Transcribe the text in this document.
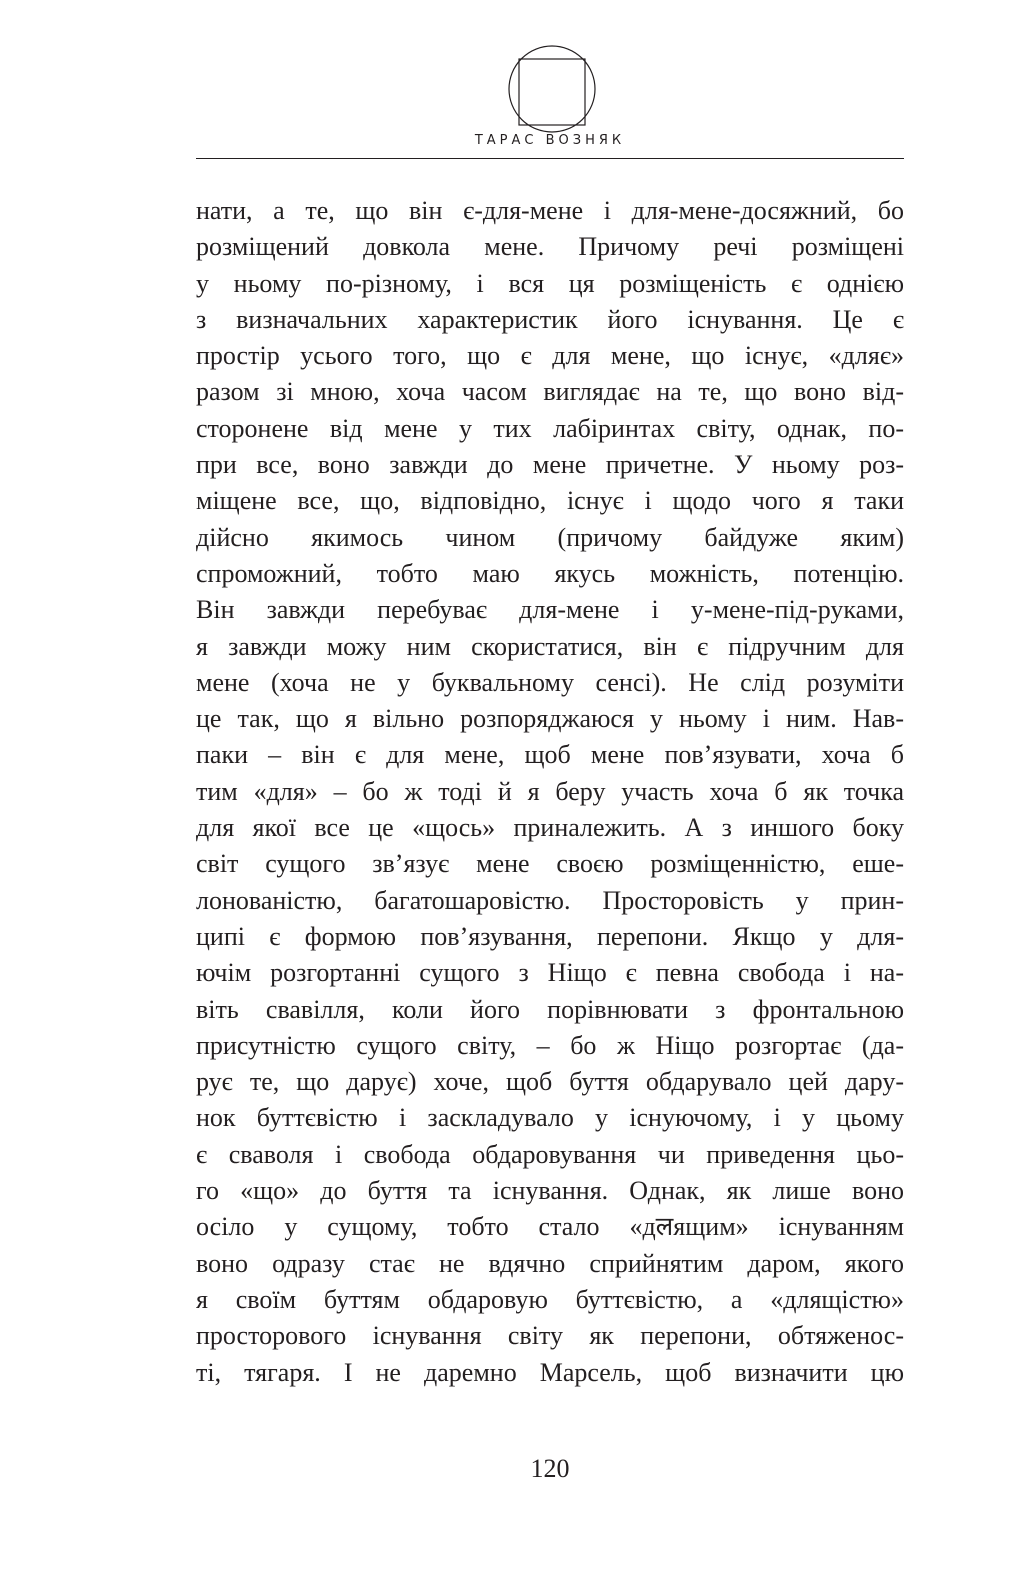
ТАРАС ВОЗНЯК
нати, а те, що він є-для-мене і для-мене-досяжний, бо
розміщений довкола мене. Причому речі розміщені
у ньому по-різному, і вся ця розміщеність є однією
з визначальних характеристик його існування. Це є
простір усього того, що є для мене, що існує, «дляє»
разом зі мною, хоча часом виглядає на те, що воно від-
сторонене від мене у тих лабіринтах світу, однак, по-
при все, воно завжди до мене причетне. У ньому роз-
міщене все, що, відповідно, існує і щодо чого я таки
дійсно якимось чином (причому байдуже яким)
спроможний, тобто маю якусь можність, потенцію.
Він завжди перебуває для-мене і у-мене-під-руками,
я завжди можу ним скористатися, він є підручним для
мене (хоча не у буквальному сенсі). Не слід розуміти
це так, що я вільно розпоряджаюся у ньому і ним. Нав-
паки – він є для мене, щоб мене пов’язувати, хоча б
тим «для» – бо ж тоді й я беру участь хоча б як точка
для якої все це «щось» приналежить. А з иншого боку
світ сущого зв’язує мене своєю розміщенністю, еше-
лонованістю, багатошаровістю. Просторовість у прин-
ципі є формою пов’язування, перепони. Якщо у для-
ючім розгортанні сущого з Ніщо є певна свобода і на-
віть свавілля, коли його порівнювати з фронтальною
присутністю сущого світу, – бо ж Ніщо розгортає (да-
рує те, що дарує) хоче, щоб буття обдарувало цей дару-
нок буттєвістю і заскладувало у існуючому, і у цьому
є сваволя і свобода обдаровування чи приведення цьо-
го «що» до буття та існування. Однак, як лише воно
осіло у сущому, тобто стало «дलящим» існуванням
воно одразу стає не вдячно сприйнятим даром, якого
я своїм буттям обдаровую буттєвістю, а «длящістю»
просторового існування світу як перепони, обтяженос-
ті, тягаря. І не даремно Марсель, щоб визначити цю
120
